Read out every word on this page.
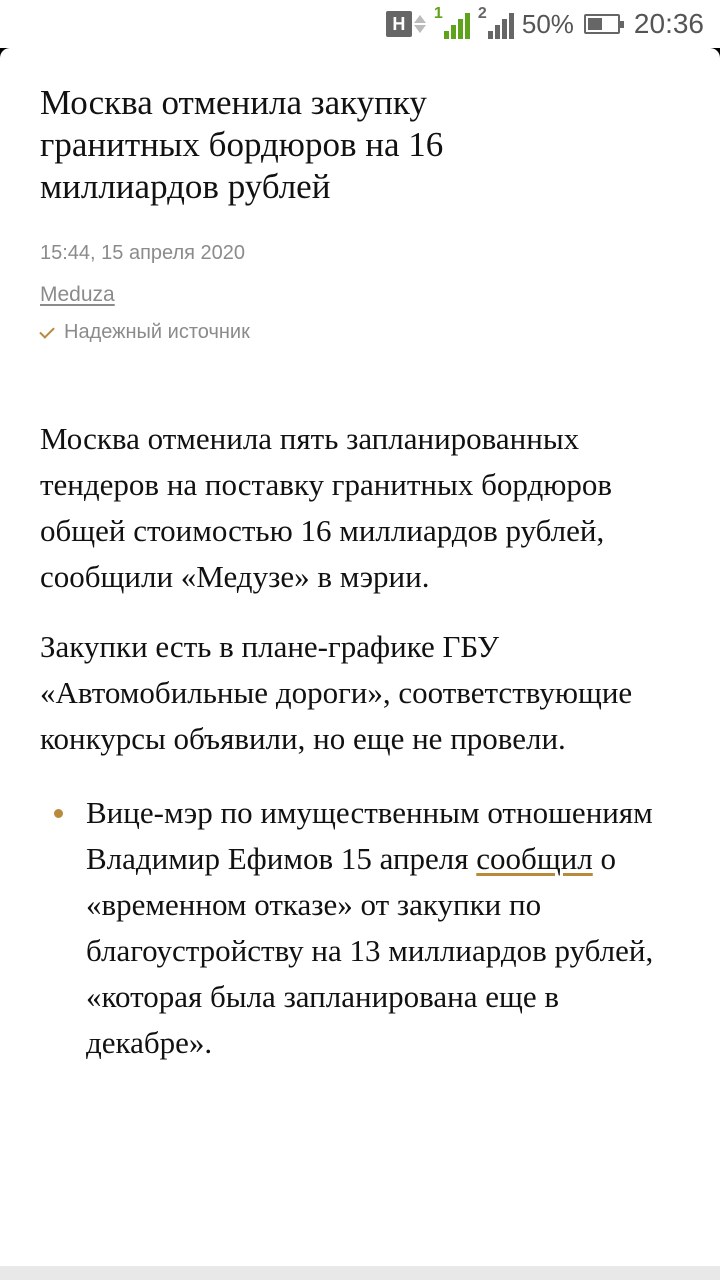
H	1 2 50% 20:36
Москва отменила закупку гранитных бордюров на 16 миллиардов рублей
15:44, 15 апреля 2020
Meduza
Надежный источник

Москва отменила пять запланированных тендеров на поставку гранитных бордюров общей стоимостью 16 миллиардов рублей, сообщили «Медузе» в мэрии.

Закупки есть в плане-графике ГБУ «Автомобильные дороги», соответствующие конкурсы объявили, но еще не провели.

Вице-мэр по имущественным отношениям Владимир Ефимов 15 апреля сообщил о «временном отказе» от закупки по благоустройству на 13 миллиардов рублей, «которая была запланирована еще в декабре».
